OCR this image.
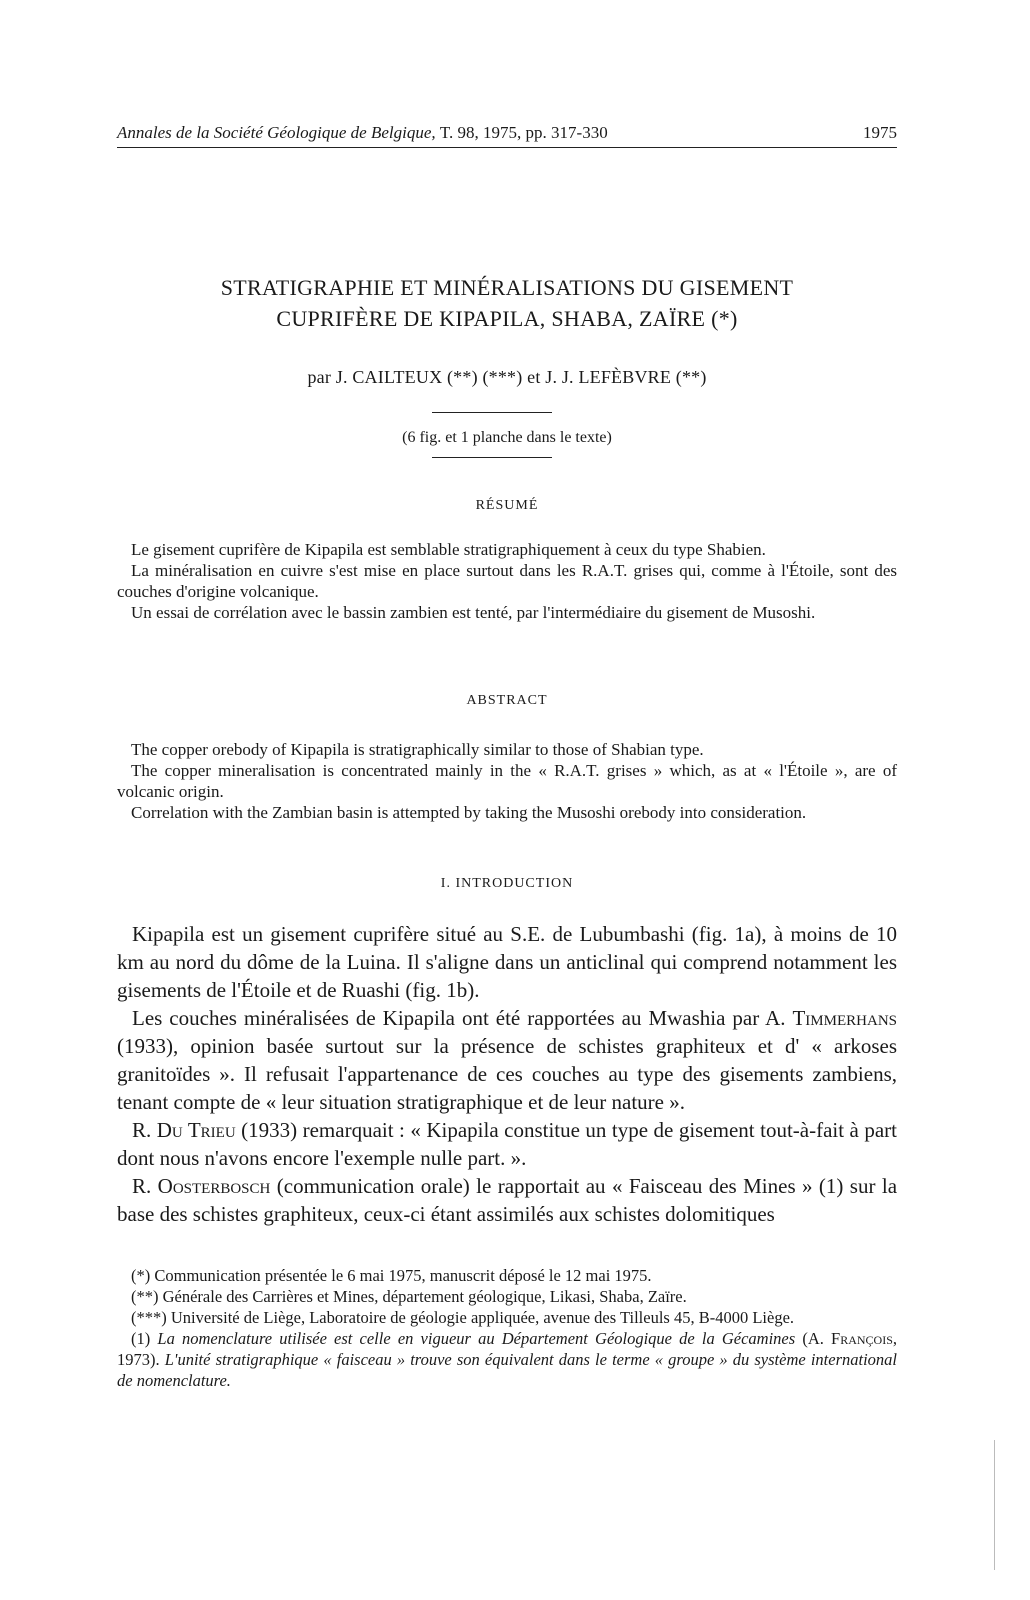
Annales de la Société Géologique de Belgique, T. 98, 1975, pp. 317-330	1975
STRATIGRAPHIE ET MINÉRALISATIONS DU GISEMENT
CUPRIFÈRE DE KIPAPILA, SHABA, ZAÏRE (*)
par J. CAILTEUX (**) (***) et J. J. LEFÈBVRE (**)
(6 fig. et 1 planche dans le texte)
RÉSUMÉ

Le gisement cuprifère de Kipapila est semblable stratigraphiquement à ceux du type Shabien.

La minéralisation en cuivre s'est mise en place surtout dans les R.A.T. grises qui, comme à l'Étoile, sont des couches d'origine volcanique.

Un essai de corrélation avec le bassin zambien est tenté, par l'intermédiaire du gisement de Musoshi.

ABSTRACT

The copper orebody of Kipapila is stratigraphically similar to those of Shabian type.

The copper mineralisation is concentrated mainly in the « R.A.T. grises » which, as at « l'Étoile », are of volcanic origin.

Correlation with the Zambian basin is attempted by taking the Musoshi orebody into consideration.

I. INTRODUCTION

Kipapila est un gisement cuprifère situé au S.E. de Lubumbashi (fig. 1a), à moins de 10 km au nord du dôme de la Luina. Il s'aligne dans un anticlinal qui comprend notamment les gisements de l'Étoile et de Ruashi (fig. 1b).

Les couches minéralisées de Kipapila ont été rapportées au Mwashia par A. Timmerhans (1933), opinion basée surtout sur la présence de schistes graphiteux et d' « arkoses granitoïdes ». Il refusait l'appartenance de ces couches au type des gisements zambiens, tenant compte de « leur situation stratigraphique et de leur nature ».

R. Du Trieu (1933) remarquait : « Kipapila constitue un type de gisement tout-à-fait à part dont nous n'avons encore l'exemple nulle part. ».

R. Oosterbosch (communication orale) le rapportait au « Faisceau des Mines » (1) sur la base des schistes graphiteux, ceux-ci étant assimilés aux schistes dolomitiques

(*) Communication présentée le 6 mai 1975, manuscrit déposé le 12 mai 1975.

(**) Générale des Carrières et Mines, département géologique, Likasi, Shaba, Zaïre.

(***) Université de Liège, Laboratoire de géologie appliquée, avenue des Tilleuls 45, B-4000 Liège.

(1) La nomenclature utilisée est celle en vigueur au Département Géologique de la Gécamines (A. François, 1973). L'unité stratigraphique « faisceau » trouve son équivalent dans le terme « groupe » du système international de nomenclature.
